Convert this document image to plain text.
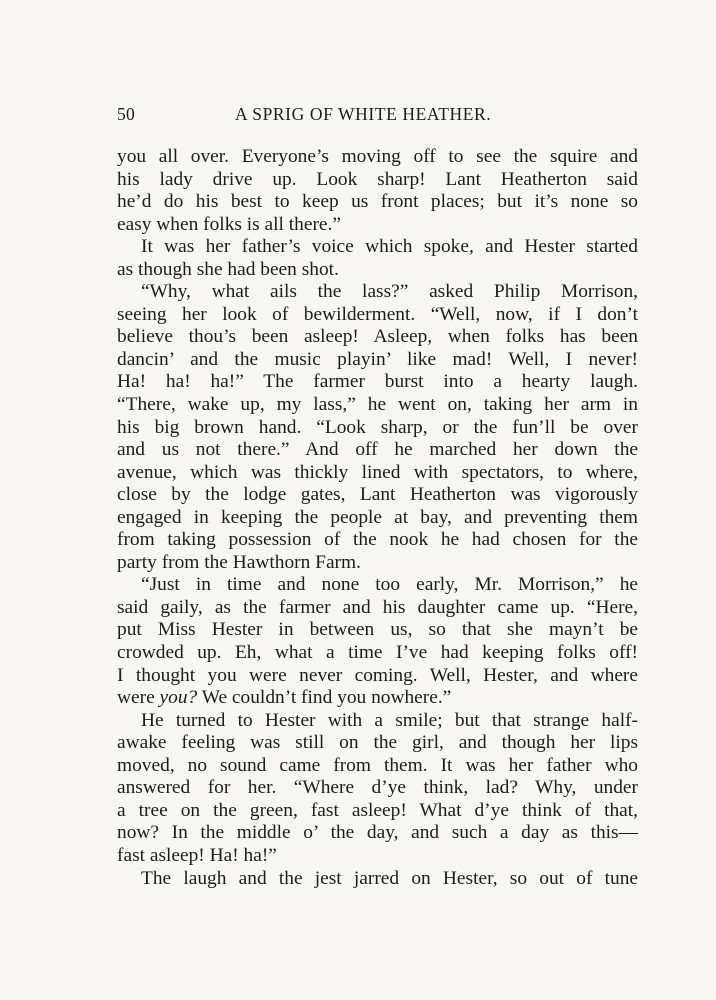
50	A SPRIG OF WHITE HEATHER.
you all over. Everyone’s moving off to see the squire and
his lady drive up. Look sharp! Lant Heatherton said
he’d do his best to keep us front places; but it’s none so
easy when folks is all there.”
It was her father’s voice which spoke, and Hester started
as though she had been shot.
“Why, what ails the lass?” asked Philip Morrison,
seeing her look of bewilderment. “Well, now, if I don’t
believe thou’s been asleep! Asleep, when folks has been
dancin’ and the music playin’ like mad! Well, I never!
Ha! ha! ha!” The farmer burst into a hearty laugh.
“There, wake up, my lass,” he went on, taking her arm in
his big brown hand. “Look sharp, or the fun’ll be over
and us not there.” And off he marched her down the
avenue, which was thickly lined with spectators, to where,
close by the lodge gates, Lant Heatherton was vigorously
engaged in keeping the people at bay, and preventing them
from taking possession of the nook he had chosen for the
party from the Hawthorn Farm.
“Just in time and none too early, Mr. Morrison,” he
said gaily, as the farmer and his daughter came up. “Here,
put Miss Hester in between us, so that she mayn’t be
crowded up. Eh, what a time I’ve had keeping folks off!
I thought you were never coming. Well, Hester, and where
were you? We couldn’t find you nowhere.”
He turned to Hester with a smile; but that strange half-
awake feeling was still on the girl, and though her lips
moved, no sound came from them. It was her father who
answered for her. “Where d’ye think, lad? Why, under
a tree on the green, fast asleep! What d’ye think of that,
now? In the middle o’ the day, and such a day as this—
fast asleep! Ha! ha!”
The laugh and the jest jarred on Hester, so out of tune
